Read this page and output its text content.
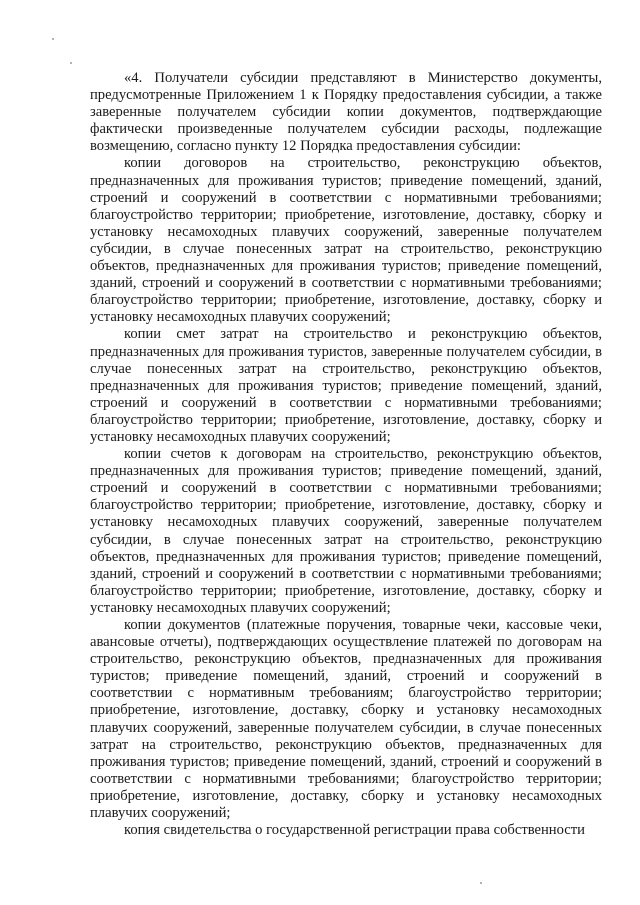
«4. Получатели субсидии представляют в Министерство документы, предусмотренные Приложением 1 к Порядку предоставления субсидии, а также заверенные получателем субсидии копии документов, подтверждающие фактически произведенные получателем субсидии расходы, подлежащие возмещению, согласно пункту 12 Порядка предоставления субсидии:

копии договоров на строительство, реконструкцию объектов, предназначенных для проживания туристов; приведение помещений, зданий, строений и сооружений в соответствии с нормативными требованиями; благоустройство территории; приобретение, изготовление, доставку, сборку и установку несамоходных плавучих сооружений, заверенные получателем субсидии, в случае понесенных затрат на строительство, реконструкцию объектов, предназначенных для проживания туристов; приведение помещений, зданий, строений и сооружений в соответствии с нормативными требованиями; благоустройство территории; приобретение, изготовление, доставку, сборку и установку несамоходных плавучих сооружений;

копии смет затрат на строительство и реконструкцию объектов, предназначенных для проживания туристов, заверенные получателем субсидии, в случае понесенных затрат на строительство, реконструкцию объектов, предназначенных для проживания туристов; приведение помещений, зданий, строений и сооружений в соответствии с нормативными требованиями; благоустройство территории; приобретение, изготовление, доставку, сборку и установку несамоходных плавучих сооружений;

копии счетов к договорам на строительство, реконструкцию объектов, предназначенных для проживания туристов; приведение помещений, зданий, строений и сооружений в соответствии с нормативными требованиями; благоустройство территории; приобретение, изготовление, доставку, сборку и установку несамоходных плавучих сооружений, заверенные получателем субсидии, в случае понесенных затрат на строительство, реконструкцию объектов, предназначенных для проживания туристов; приведение помещений, зданий, строений и сооружений в соответствии с нормативными требованиями; благоустройство территории; приобретение, изготовление, доставку, сборку и установку несамоходных плавучих сооружений;

копии документов (платежные поручения, товарные чеки, кассовые чеки, авансовые отчеты), подтверждающих осуществление платежей по договорам на строительство, реконструкцию объектов, предназначенных для проживания туристов; приведение помещений, зданий, строений и сооружений в соответствии с нормативным требованиям; благоустройство территории; приобретение, изготовление, доставку, сборку и установку несамоходных плавучих сооружений, заверенные получателем субсидии, в случае понесенных затрат на строительство, реконструкцию объектов, предназначенных для проживания туристов; приведение помещений, зданий, строений и сооружений в соответствии с нормативными требованиями; благоустройство территории; приобретение, изготовление, доставку, сборку и установку несамоходных плавучих сооружений;

копия свидетельства о государственной регистрации права собственности
